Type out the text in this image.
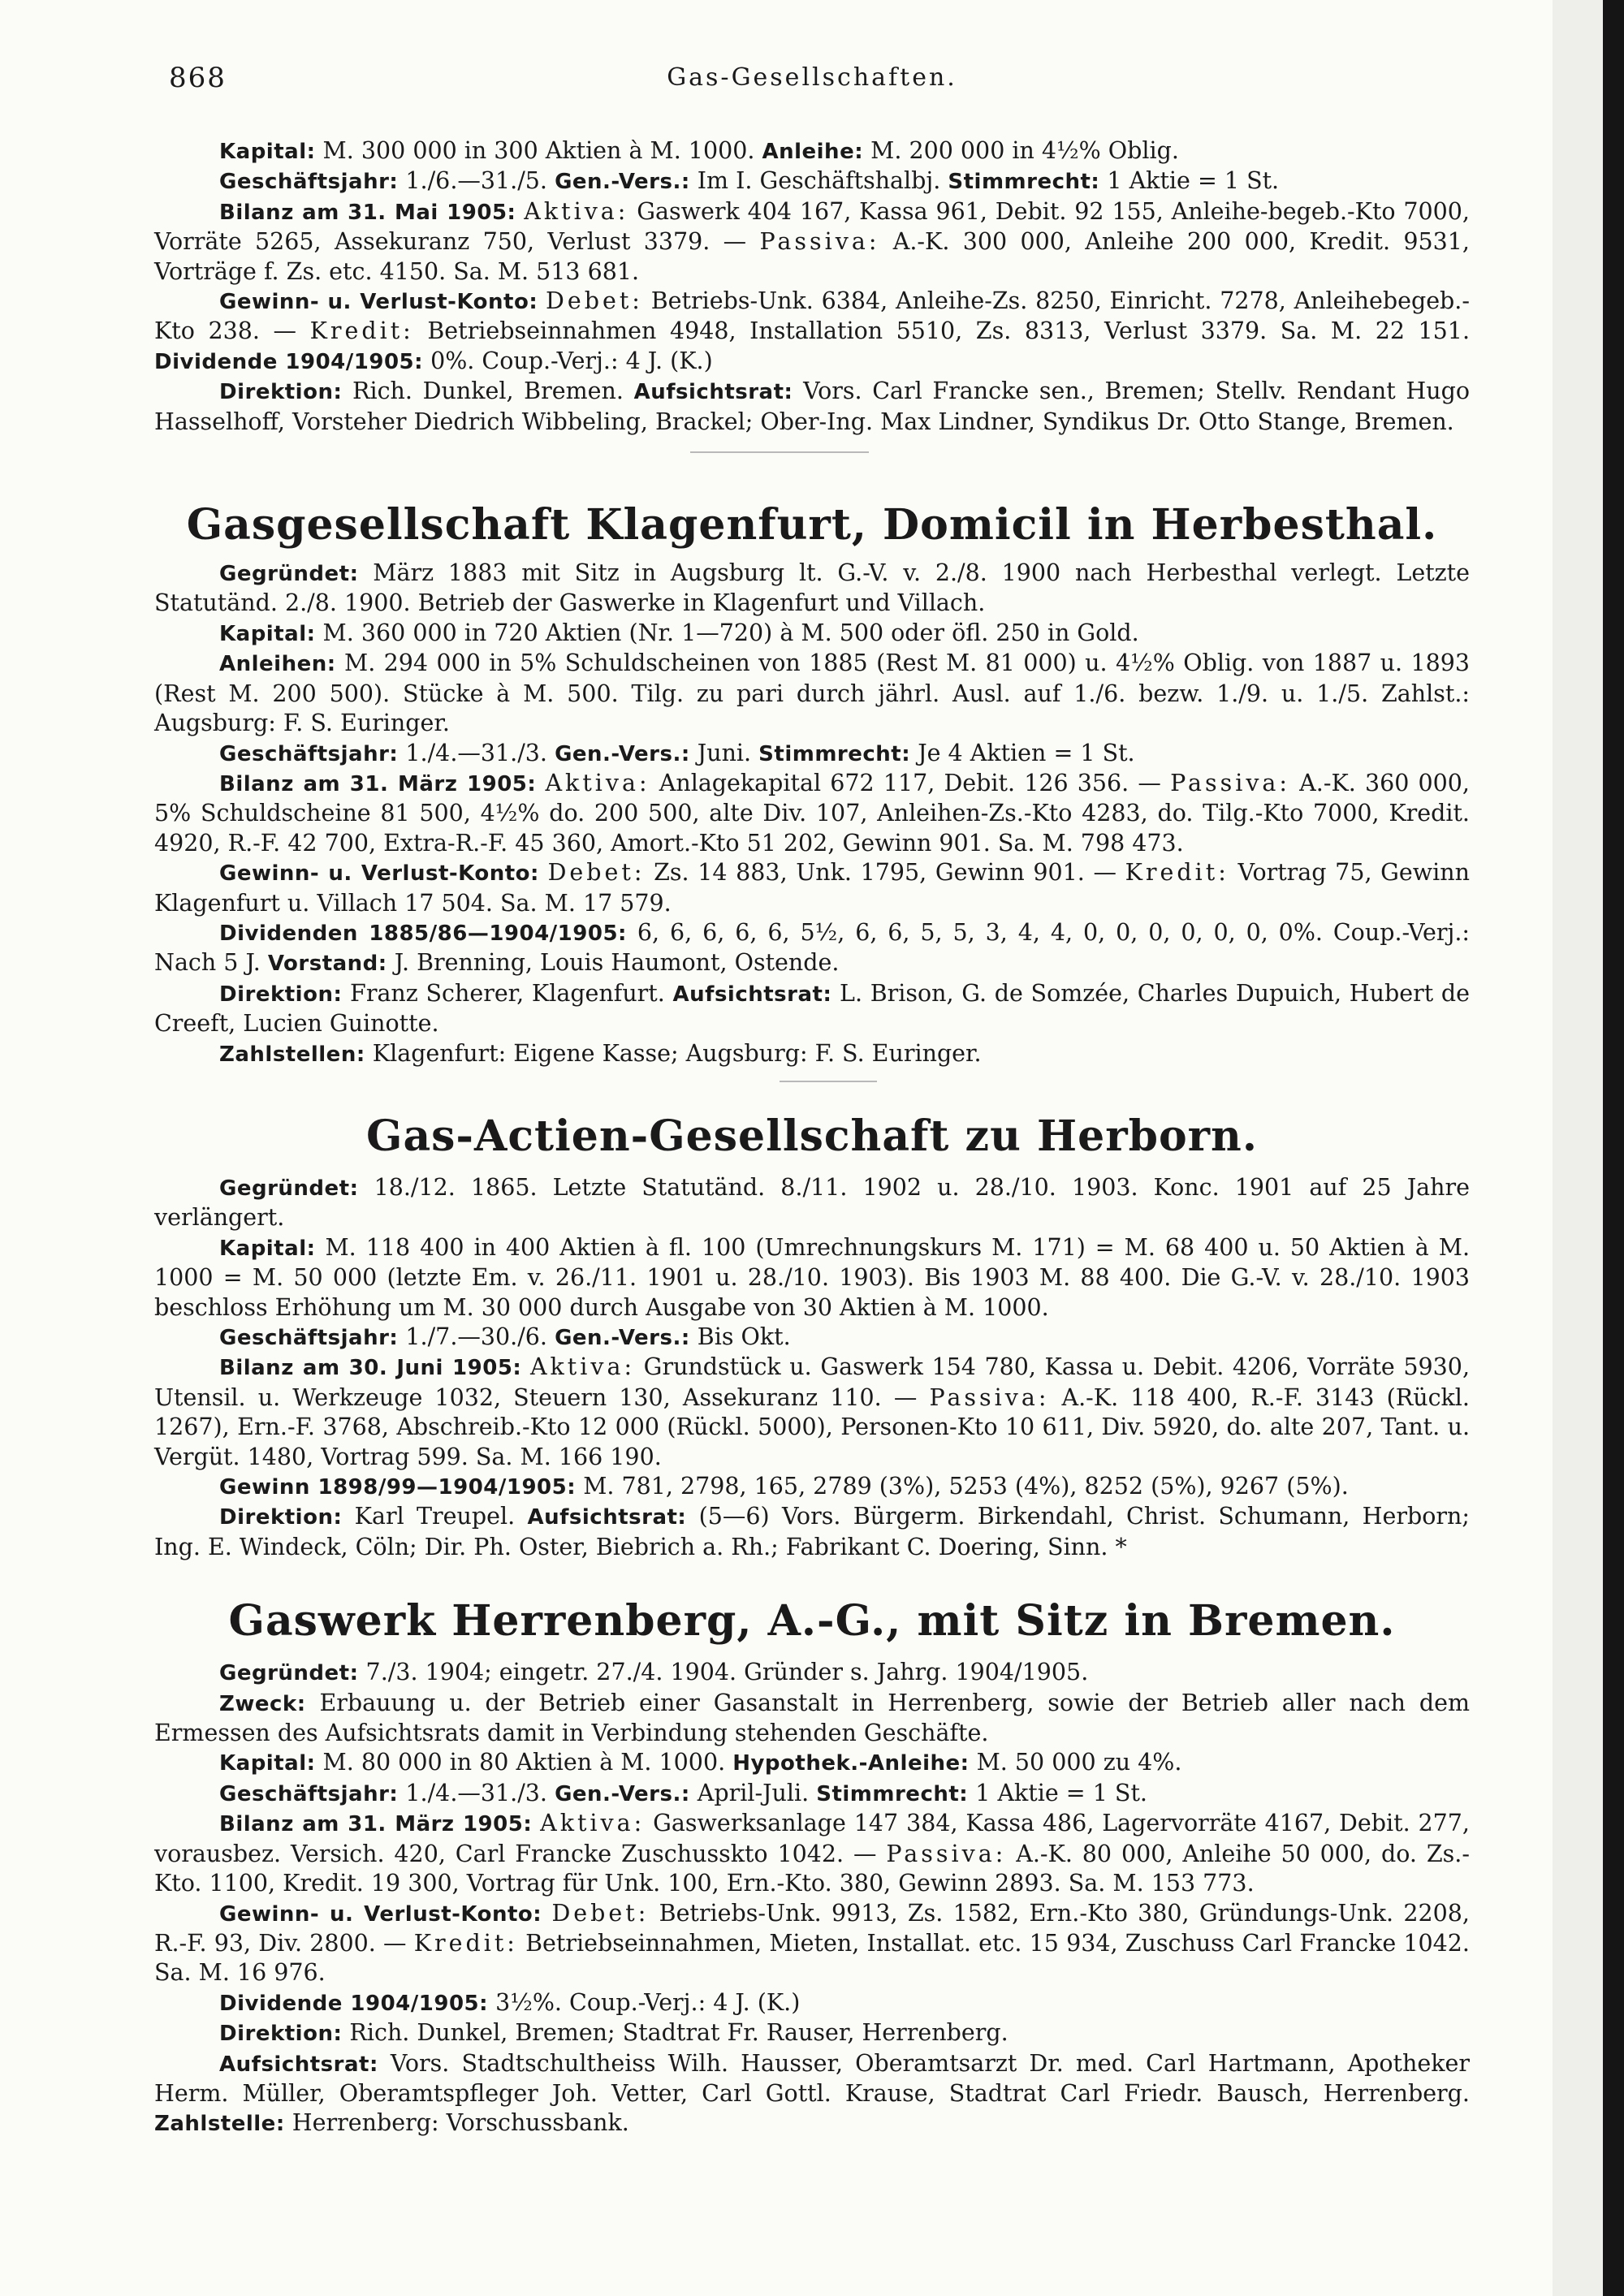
868	Gas-Gesellschaften.
Kapital: M. 300 000 in 300 Aktien à M. 1000. Anleihe: M. 200 000 in 4½% Oblig.
Geschäftsjahr: 1./6.—31./5. Gen.-Vers.: Im I. Geschäftshalbj. Stimmrecht: 1 Aktie = 1 St.
Bilanz am 31. Mai 1905: Aktiva: Gaswerk 404 167, Kassa 961, Debit. 92 155, Anleihe-begeb.-Kto 7000, Vorräte 5265, Assekuranz 750, Verlust 3379. — Passiva: A.-K. 300 000, Anleihe 200 000, Kredit. 9531, Vorträge f. Zs. etc. 4150. Sa. M. 513 681.
Gewinn- u. Verlust-Konto: Debet: Betriebs-Unk. 6384, Anleihe-Zs. 8250, Einricht. 7278, Anleihebegeb.-Kto 238. — Kredit: Betriebseinnahmen 4948, Installation 5510, Zs. 8313, Verlust 3379. Sa. M. 22 151. Dividende 1904/1905: 0%. Coup.-Verj.: 4 J. (K.)
Direktion: Rich. Dunkel, Bremen. Aufsichtsrat: Vors. Carl Francke sen., Bremen; Stellv. Rendant Hugo Hasselhoff, Vorsteher Diedrich Wibbeling, Brackel; Ober-Ing. Max Lindner, Syndikus Dr. Otto Stange, Bremen.
Gasgesellschaft Klagenfurt, Domicil in Herbesthal.
Gegründet: März 1883 mit Sitz in Augsburg lt. G.-V. v. 2./8. 1900 nach Herbesthal verlegt. Letzte Statutänd. 2./8. 1900. Betrieb der Gaswerke in Klagenfurt und Villach.
Kapital: M. 360 000 in 720 Aktien (Nr. 1—720) à M. 500 oder öfl. 250 in Gold.
Anleihen: M. 294 000 in 5% Schuldscheinen von 1885 (Rest M. 81 000) u. 4½% Oblig. von 1887 u. 1893 (Rest M. 200 500). Stücke à M. 500. Tilg. zu pari durch jährl. Ausl. auf 1./6. bezw. 1./9. u. 1./5. Zahlst.: Augsburg: F. S. Euringer.
Geschäftsjahr: 1./4.—31./3. Gen.-Vers.: Juni. Stimmrecht: Je 4 Aktien = 1 St.
Bilanz am 31. März 1905: Aktiva: Anlagekapital 672 117, Debit. 126 356. — Passiva: A.-K. 360 000, 5% Schuldscheine 81 500, 4½% do. 200 500, alte Div. 107, Anleihen-Zs.-Kto 4283, do. Tilg.-Kto 7000, Kredit. 4920, R.-F. 42 700, Extra-R.-F. 45 360, Amort.-Kto 51 202, Gewinn 901. Sa. M. 798 473.
Gewinn- u. Verlust-Konto: Debet: Zs. 14 883, Unk. 1795, Gewinn 901. — Kredit: Vortrag 75, Gewinn Klagenfurt u. Villach 17 504. Sa. M. 17 579.
Dividenden 1885/86—1904/1905: 6, 6, 6, 6, 6, 5½, 6, 6, 5, 5, 3, 4, 4, 0, 0, 0, 0, 0, 0, 0%. Coup.-Verj.: Nach 5 J. Vorstand: J. Brenning, Louis Haumont, Ostende.
Direktion: Franz Scherer, Klagenfurt. Aufsichtsrat: L. Brison, G. de Somzée, Charles Dupuich, Hubert de Creeft, Lucien Guinotte.
Zahlstellen: Klagenfurt: Eigene Kasse; Augsburg: F. S. Euringer.
Gas-Actien-Gesellschaft zu Herborn.
Gegründet: 18./12. 1865. Letzte Statutänd. 8./11. 1902 u. 28./10. 1903. Konc. 1901 auf 25 Jahre verlängert.
Kapital: M. 118 400 in 400 Aktien à fl. 100 (Umrechnungskurs M. 171) = M. 68 400 u. 50 Aktien à M. 1000 = M. 50 000 (letzte Em. v. 26./11. 1901 u. 28./10. 1903). Bis 1903 M. 88 400. Die G.-V. v. 28./10. 1903 beschloss Erhöhung um M. 30 000 durch Ausgabe von 30 Aktien à M. 1000.
Geschäftsjahr: 1./7.—30./6. Gen.-Vers.: Bis Okt.
Bilanz am 30. Juni 1905: Aktiva: Grundstück u. Gaswerk 154 780, Kassa u. Debit. 4206, Vorräte 5930, Utensil. u. Werkzeuge 1032, Steuern 130, Assekuranz 110. — Passiva: A.-K. 118 400, R.-F. 3143 (Rückl. 1267), Ern.-F. 3768, Abschreib.-Kto 12 000 (Rückl. 5000), Personen-Kto 10 611, Div. 5920, do. alte 207, Tant. u. Vergüt. 1480, Vortrag 599. Sa. M. 166 190.
Gewinn 1898/99—1904/1905: M. 781, 2798, 165, 2789 (3%), 5253 (4%), 8252 (5%), 9267 (5%).
Direktion: Karl Treupel. Aufsichtsrat: (5—6) Vors. Bürgerm. Birkendahl, Christ. Schumann, Herborn; Ing. E. Windeck, Cöln; Dir. Ph. Oster, Biebrich a. Rh.; Fabrikant C. Doering, Sinn. *
Gaswerk Herrenberg, A.-G., mit Sitz in Bremen.
Gegründet: 7./3. 1904; eingetr. 27./4. 1904. Gründer s. Jahrg. 1904/1905.
Zweck: Erbauung u. der Betrieb einer Gasanstalt in Herrenberg, sowie der Betrieb aller nach dem Ermessen des Aufsichtsrats damit in Verbindung stehenden Geschäfte.
Kapital: M. 80 000 in 80 Aktien à M. 1000. Hypothek.-Anleihe: M. 50 000 zu 4%.
Geschäftsjahr: 1./4.—31./3. Gen.-Vers.: April-Juli. Stimmrecht: 1 Aktie = 1 St.
Bilanz am 31. März 1905: Aktiva: Gaswerksanlage 147 384, Kassa 486, Lagervorräte 4167, Debit. 277, vorausbez. Versich. 420, Carl Francke Zuschusskto 1042. — Passiva: A.-K. 80 000, Anleihe 50 000, do. Zs.-Kto. 1100, Kredit. 19 300, Vortrag für Unk. 100, Ern.-Kto. 380, Gewinn 2893. Sa. M. 153 773.
Gewinn- u. Verlust-Konto: Debet: Betriebs-Unk. 9913, Zs. 1582, Ern.-Kto 380, Gründungs-Unk. 2208, R.-F. 93, Div. 2800. — Kredit: Betriebseinnahmen, Mieten, Installat. etc. 15 934, Zuschuss Carl Francke 1042. Sa. M. 16 976.
Dividende 1904/1905: 3½%. Coup.-Verj.: 4 J. (K.)
Direktion: Rich. Dunkel, Bremen; Stadtrat Fr. Rauser, Herrenberg.
Aufsichtsrat: Vors. Stadtschultheiss Wilh. Hausser, Oberamtsarzt Dr. med. Carl Hartmann, Apotheker Herm. Müller, Oberamtspfleger Joh. Vetter, Carl Gottl. Krause, Stadtrat Carl Friedr. Bausch, Herrenberg. Zahlstelle: Herrenberg: Vorschussbank.
